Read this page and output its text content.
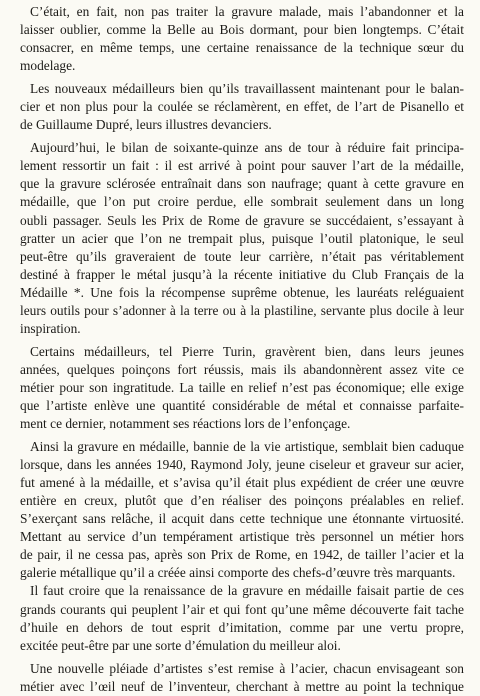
C’était, en fait, non pas traiter la gravure malade, mais l’abandonner et la
laisser oublier, comme la Belle au Bois dormant, pour bien longtemps. C’était
consacrer, en même temps, une certaine renaissance de la technique sœur du
modelage.
Les nouveaux médailleurs bien qu’ils travaillassent maintenant pour le balan-
cier et non plus pour la coulée se réclamèrent, en effet, de l’art de Pisanello et
de Guillaume Dupré, leurs illustres devanciers.
Aujourd’hui, le bilan de soixante-quinze ans de tour à réduire fait principa-
lement ressortir un fait : il est arrivé à point pour sauver l’art de la médaille,
que la gravure sclérosée entraînait dans son naufrage; quant à cette gravure en
médaille, que l’on put croire perdue, elle sombrait seulement dans un long
oubli passager. Seuls les Prix de Rome de gravure se succédaient, s’essayant à
gratter un acier que l’on ne trempait plus, puisque l’outil platonique, le seul
peut-être qu’ils graveraient de toute leur carrière, n’était pas véritablement
destiné à frapper le métal jusqu’à la récente initiative du Club Français de la
Médaille *. Une fois la récompense suprême obtenue, les lauréats reléguaient
leurs outils pour s’adonner à la terre ou à la plastiline, servante plus docile à leur
inspiration.
Certains médailleurs, tel Pierre Turin, gravèrent bien, dans leurs jeunes
années, quelques poinçons fort réussis, mais ils abandonnèrent assez vite ce
métier pour son ingratitude. La taille en relief n’est pas économique; elle exige
que l’artiste enlève une quantité considérable de métal et connaisse parfaite-
ment ce dernier, notamment ses réactions lors de l’enfonçage.
Ainsi la gravure en médaille, bannie de la vie artistique, semblait bien caduque
lorsque, dans les années 1940, Raymond Joly, jeune ciseleur et graveur sur acier,
fut amené à la médaille, et s’avisa qu’il était plus expédient de créer une œuvre
entière en creux, plutôt que d’en réaliser des poinçons préalables en relief.
S’exerçant sans relâche, il acquit dans cette technique une étonnante virtuosité.
Mettant au service d’un tempérament artistique très personnel un métier hors
de pair, il ne cessa pas, après son Prix de Rome, en 1942, de tailler l’acier et la
galerie métallique qu’il a créée ainsi comporte des chefs-d’œuvre très marquants.
Il faut croire que la renaissance de la gravure en médaille faisait partie de ces
grands courants qui peuplent l’air et qui font qu’une même découverte fait tache
d’huile en dehors de tout esprit d’imitation, comme par une vertu propre,
excitée peut-être par une sorte d’émulation du meilleur aloi.
Une nouvelle pléiade d’artistes s’est remise à l’acier, chacun envisageant son
métier avec l’œil neuf de l’inventeur, cherchant à mettre au point la technique
